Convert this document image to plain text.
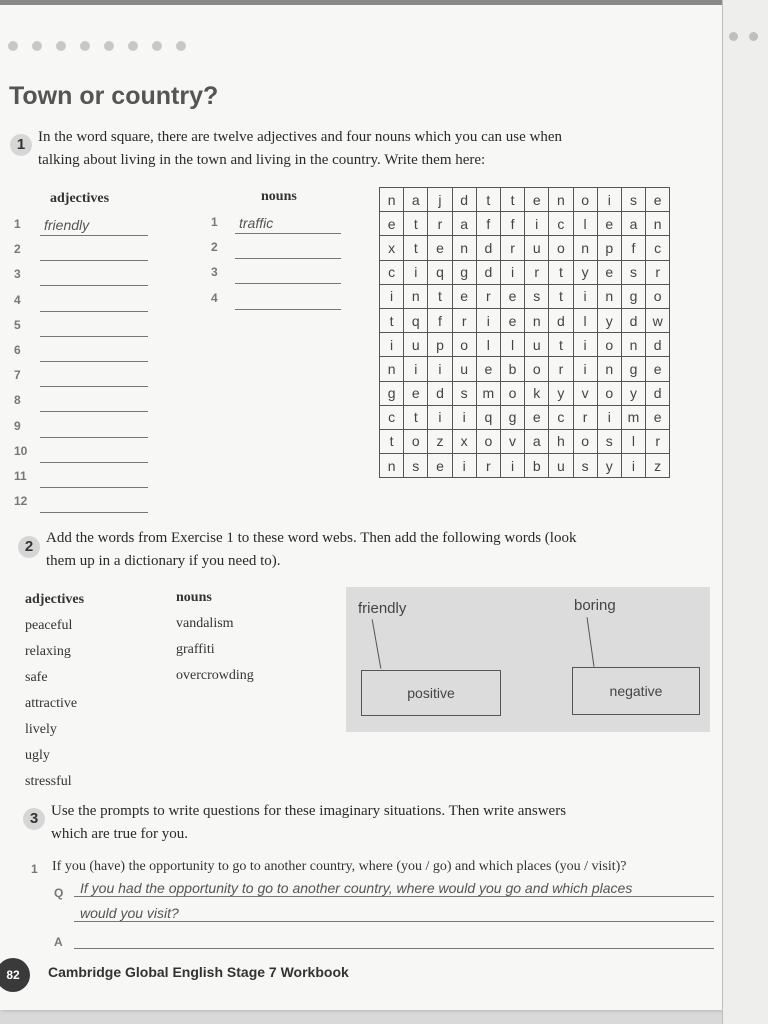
Town or country?
1 In the word square, there are twelve adjectives and four nouns which you can use when
talking about living in the town and living in the country. Write them here:
adjectives	nouns
1	friendly
2
3
4
5
6
7
8
9
10
11
12
1	traffic
2
3
4
n	a	j	d	t	t	e	n	o	i	s	e
e	t	r	a	f	f	i	c	l	e	a	n
x	t	e	n	d	r	u	o	n	p	f	c
c	i	q	g	d	i	r	t	y	e	s	r
i	n	t	e	r	e	s	t	i	n	g	o
t	q	f	r	i	e	n	d	l	y	d	w
i	u	p	o	l	l	u	t	i	o	n	d
n	i	i	u	e	b	o	r	i	n	g	e
g	e	d	s	m	o	k	y	v	o	y	d
c	t	i	i	q	g	e	c	r	i	m	e
t	o	z	x	o	v	a	h	o	s	l	r
n	s	e	i	r	i	b	u	s	y	i	z
2 Add the words from Exercise 1 to these word webs. Then add the following words (look
them up in a dictionary if you need to).
adjectives
peaceful
relaxing
safe
attractive
lively
ugly
stressful
nouns
vandalism
graffiti
overcrowding
friendly
positive
boring
negative
3 Use the prompts to write questions for these imaginary situations. Then write answers
which are true for you.
1 If you (have) the opportunity to go to another country, where (you / go) and which places (you / visit)?
Q If you had the opportunity to go to another country, where would you go and which places
would you visit?
A
82	Cambridge Global English Stage 7 Workbook
